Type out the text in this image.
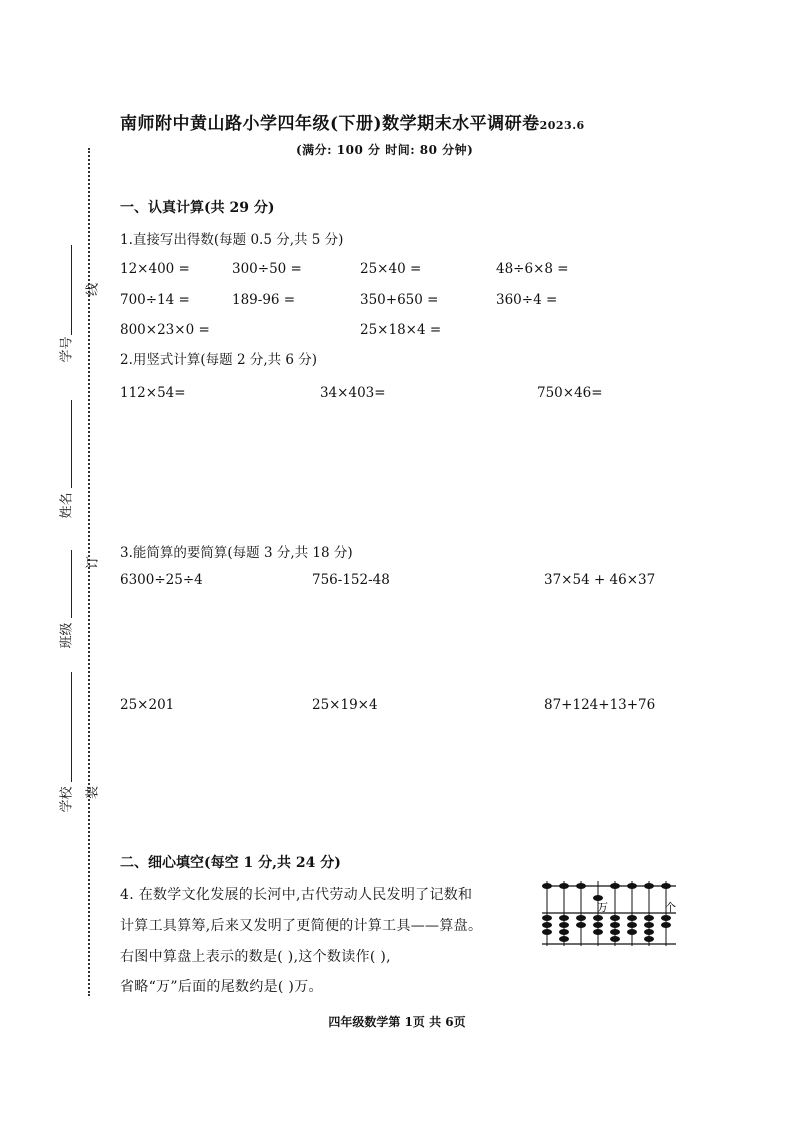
南师附中黄山路小学四年级(下册)数学期末水平调研卷2023.6
(满分: 100 分 时间: 80 分钟)
学号
姓名
班级
学校
线
订
装
一、认真计算(共 29 分)
1.直接写出得数(每题 0.5 分,共 5 分)
12×400 =	300÷50 =	25×40 =	48÷6×8 =
700÷14 =	189-96 =	350+650 =	360÷4 =
800×23×0 =	25×18×4 =
2.用竖式计算(每题 2 分,共 6 分)
112×54=	34×403=	750×46=
3.能简算的要简算(每题 3 分,共 18 分)
6300÷25÷4	756-152-48	37×54 + 46×37
25×201	25×19×4	87+124+13+76
二、细心填空(每空 1 分,共 24 分)
4. 在数学文化发展的长河中,古代劳动人民发明了记数和
计算工具算筹,后来又发明了更简便的计算工具——算盘。
右图中算盘上表示的数是( ),这个数读作( ),
省略“万”后面的尾数约是( )万。
万	个
四年级数学第 1页 共 6页
